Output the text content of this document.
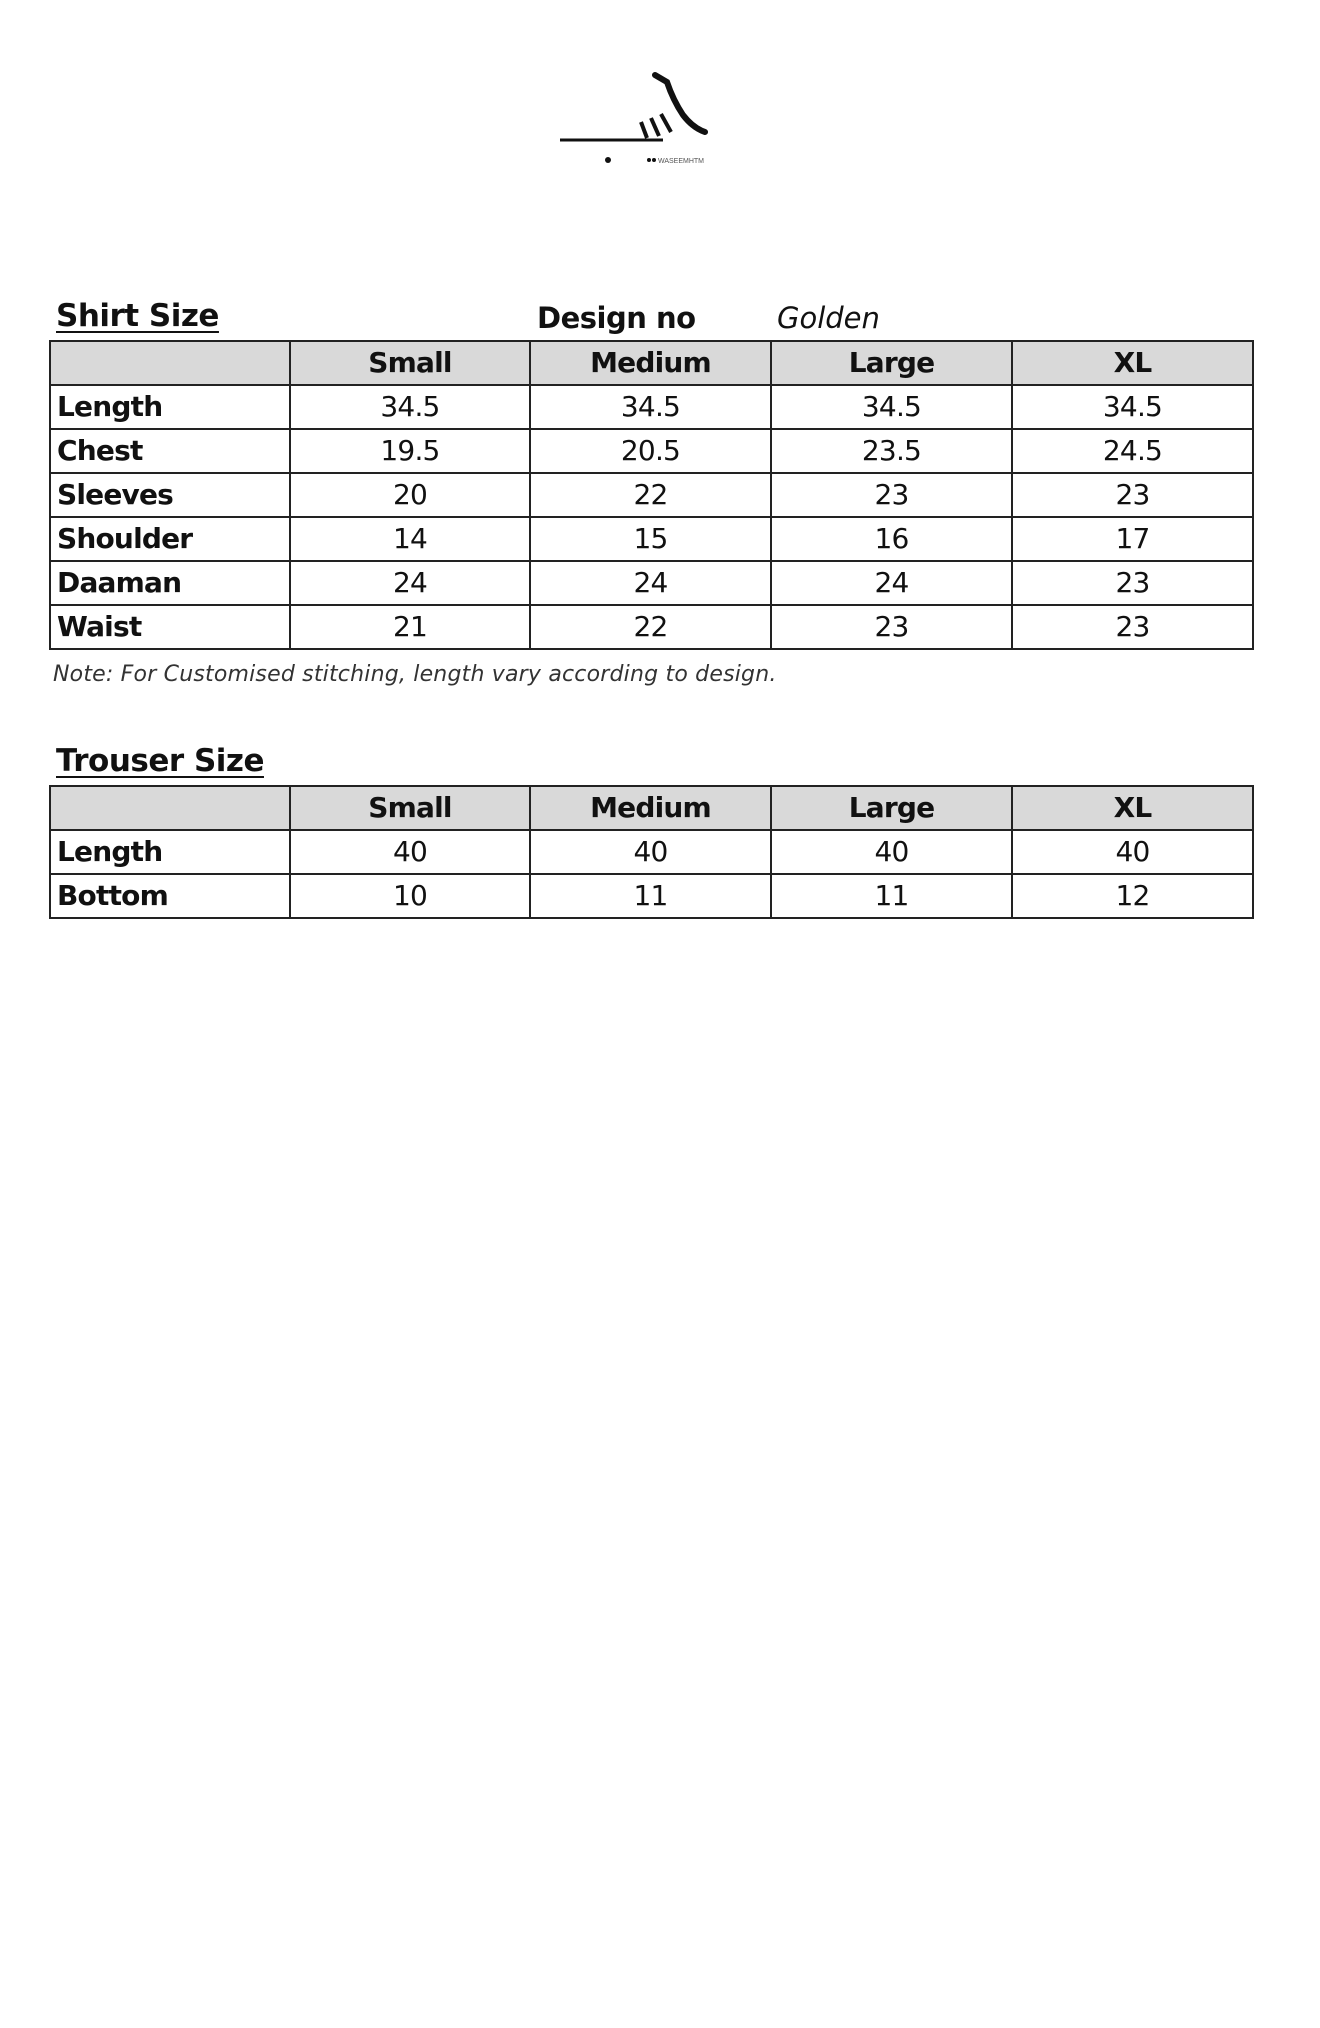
WASEEMHTM
Shirt Size	Design no	Golden
	Small	Medium	Large	XL
Length	34.5	34.5	34.5	34.5
Chest	19.5	20.5	23.5	24.5
Sleeves	20	22	23	23
Shoulder	14	15	16	17
Daaman	24	24	24	23
Waist	21	22	23	23
Note: For Customised stitching, length vary according to design.
Trouser Size
	Small	Medium	Large	XL
Length	40	40	40	40
Bottom	10	11	11	12
